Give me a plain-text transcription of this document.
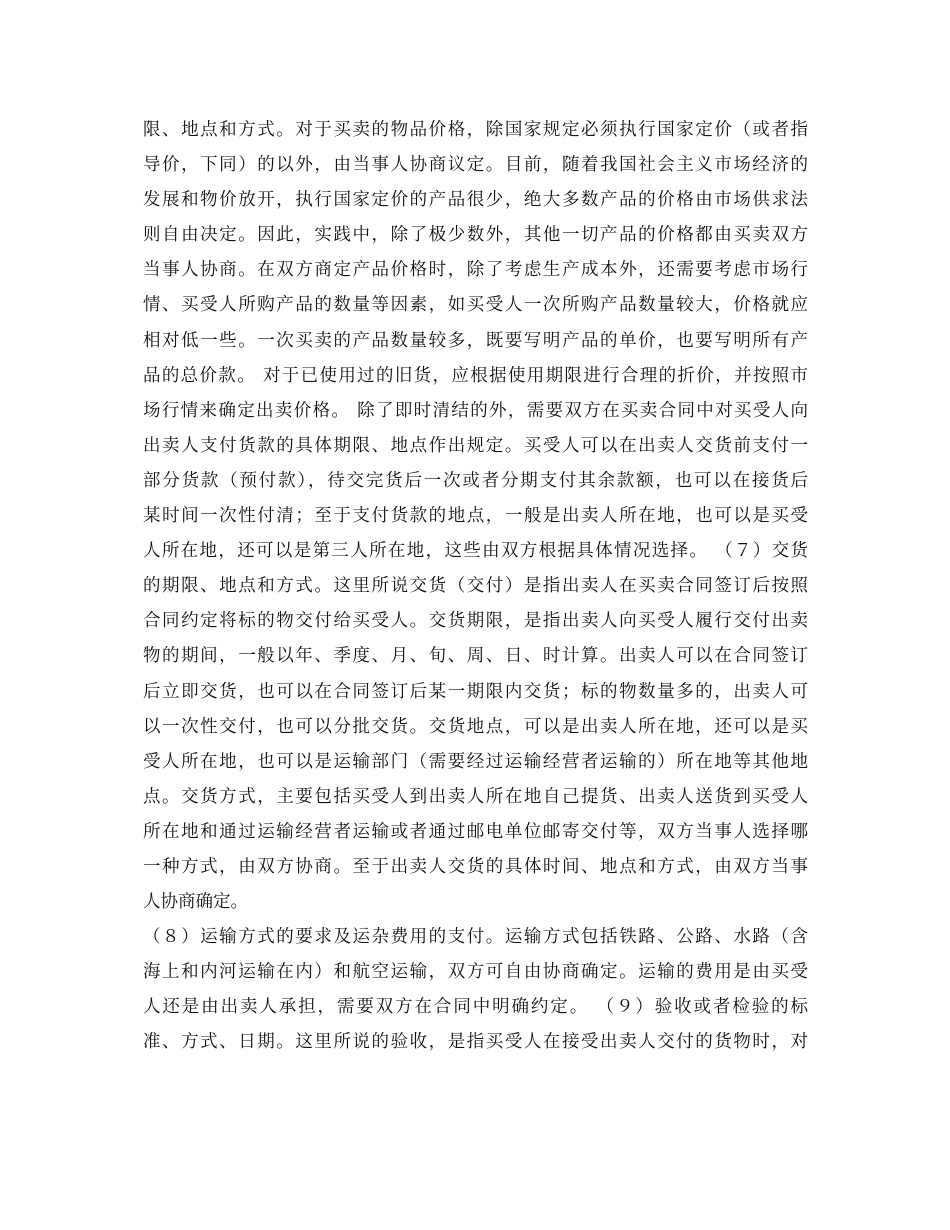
限、地点和方式。对于买卖的物品价格，除国家规定必须执行国家定价（或者指
导价，下同）的以外，由当事人协商议定。目前，随着我国社会主义市场经济的
发展和物价放开，执行国家定价的产品很少，绝大多数产品的价格由市场供求法
则自由决定。因此，实践中，除了极少数外，其他一切产品的价格都由买卖双方
当事人协商。在双方商定产品价格时，除了考虑生产成本外，还需要考虑市场行
情、买受人所购产品的数量等因素，如买受人一次所购产品数量较大，价格就应
相对低一些。一次买卖的产品数量较多，既要写明产品的单价，也要写明所有产
品的总价款。 对于已使用过的旧货，应根据使用期限进行合理的折价，并按照市
场行情来确定出卖价格。 除了即时清结的外，需要双方在买卖合同中对买受人向
出卖人支付货款的具体期限、地点作出规定。买受人可以在出卖人交货前支付一
部分货款（预付款），待交完货后一次或者分期支付其余款额，也可以在接货后
某时间一次性付清；至于支付货款的地点，一般是出卖人所在地，也可以是买受
人所在地，还可以是第三人所在地，这些由双方根据具体情况选择。 （７）交货
的期限、地点和方式。这里所说交货（交付）是指出卖人在买卖合同签订后按照
合同约定将标的物交付给买受人。交货期限，是指出卖人向买受人履行交付出卖
物的期间，一般以年、季度、月、旬、周、日、时计算。出卖人可以在合同签订
后立即交货，也可以在合同签订后某一期限内交货；标的物数量多的，出卖人可
以一次性交付，也可以分批交货。交货地点，可以是出卖人所在地，还可以是买
受人所在地，也可以是运输部门（需要经过运输经营者运输的）所在地等其他地
点。交货方式，主要包括买受人到出卖人所在地自己提货、出卖人送货到买受人
所在地和通过运输经营者运输或者通过邮电单位邮寄交付等，双方当事人选择哪
一种方式，由双方协商。至于出卖人交货的具体时间、地点和方式，由双方当事
人协商确定。
（８）运输方式的要求及运杂费用的支付。运输方式包括铁路、公路、水路（含
海上和内河运输在内）和航空运输，双方可自由协商确定。运输的费用是由买受
人还是由出卖人承担，需要双方在合同中明确约定。 （９）验收或者检验的标
准、方式、日期。这里所说的验收，是指买受人在接受出卖人交付的货物时，对
